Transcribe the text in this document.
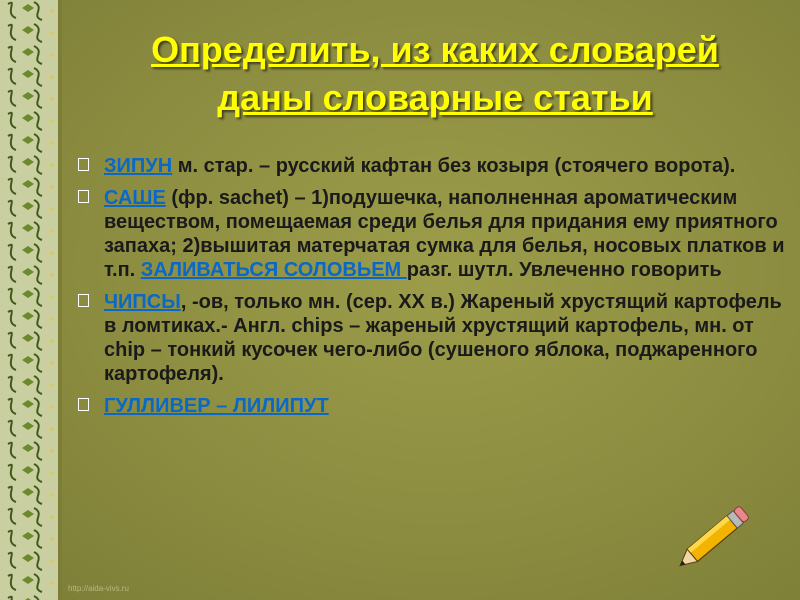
Определить, из каких словарей
даны словарные статьи
ЗИПУН м. стар. – русский кафтан без козыря (стоячего ворота).
САШЕ (фр. sachet) – 1)подушечка, наполненная ароматическим веществом, помещаемая среди белья для придания ему приятного запаха; 2)вышитая матерчатая сумка для белья, носовых платков и т.п. ЗАЛИВАТЬСЯ СОЛОВЬЕМ разг. шутл. Увлеченно говорить
ЧИПСЫ, -ов, только мн. (сер. XX в.) Жареный хрустящий картофель в ломтиках.- Англ. chips – жареный хрустящий картофель, мн. от chip – тонкий кусочек чего-либо (сушеного яблока, поджаренного картофеля).
ГУЛЛИВЕР – ЛИЛИПУТ
http://aida-vivs.ru
